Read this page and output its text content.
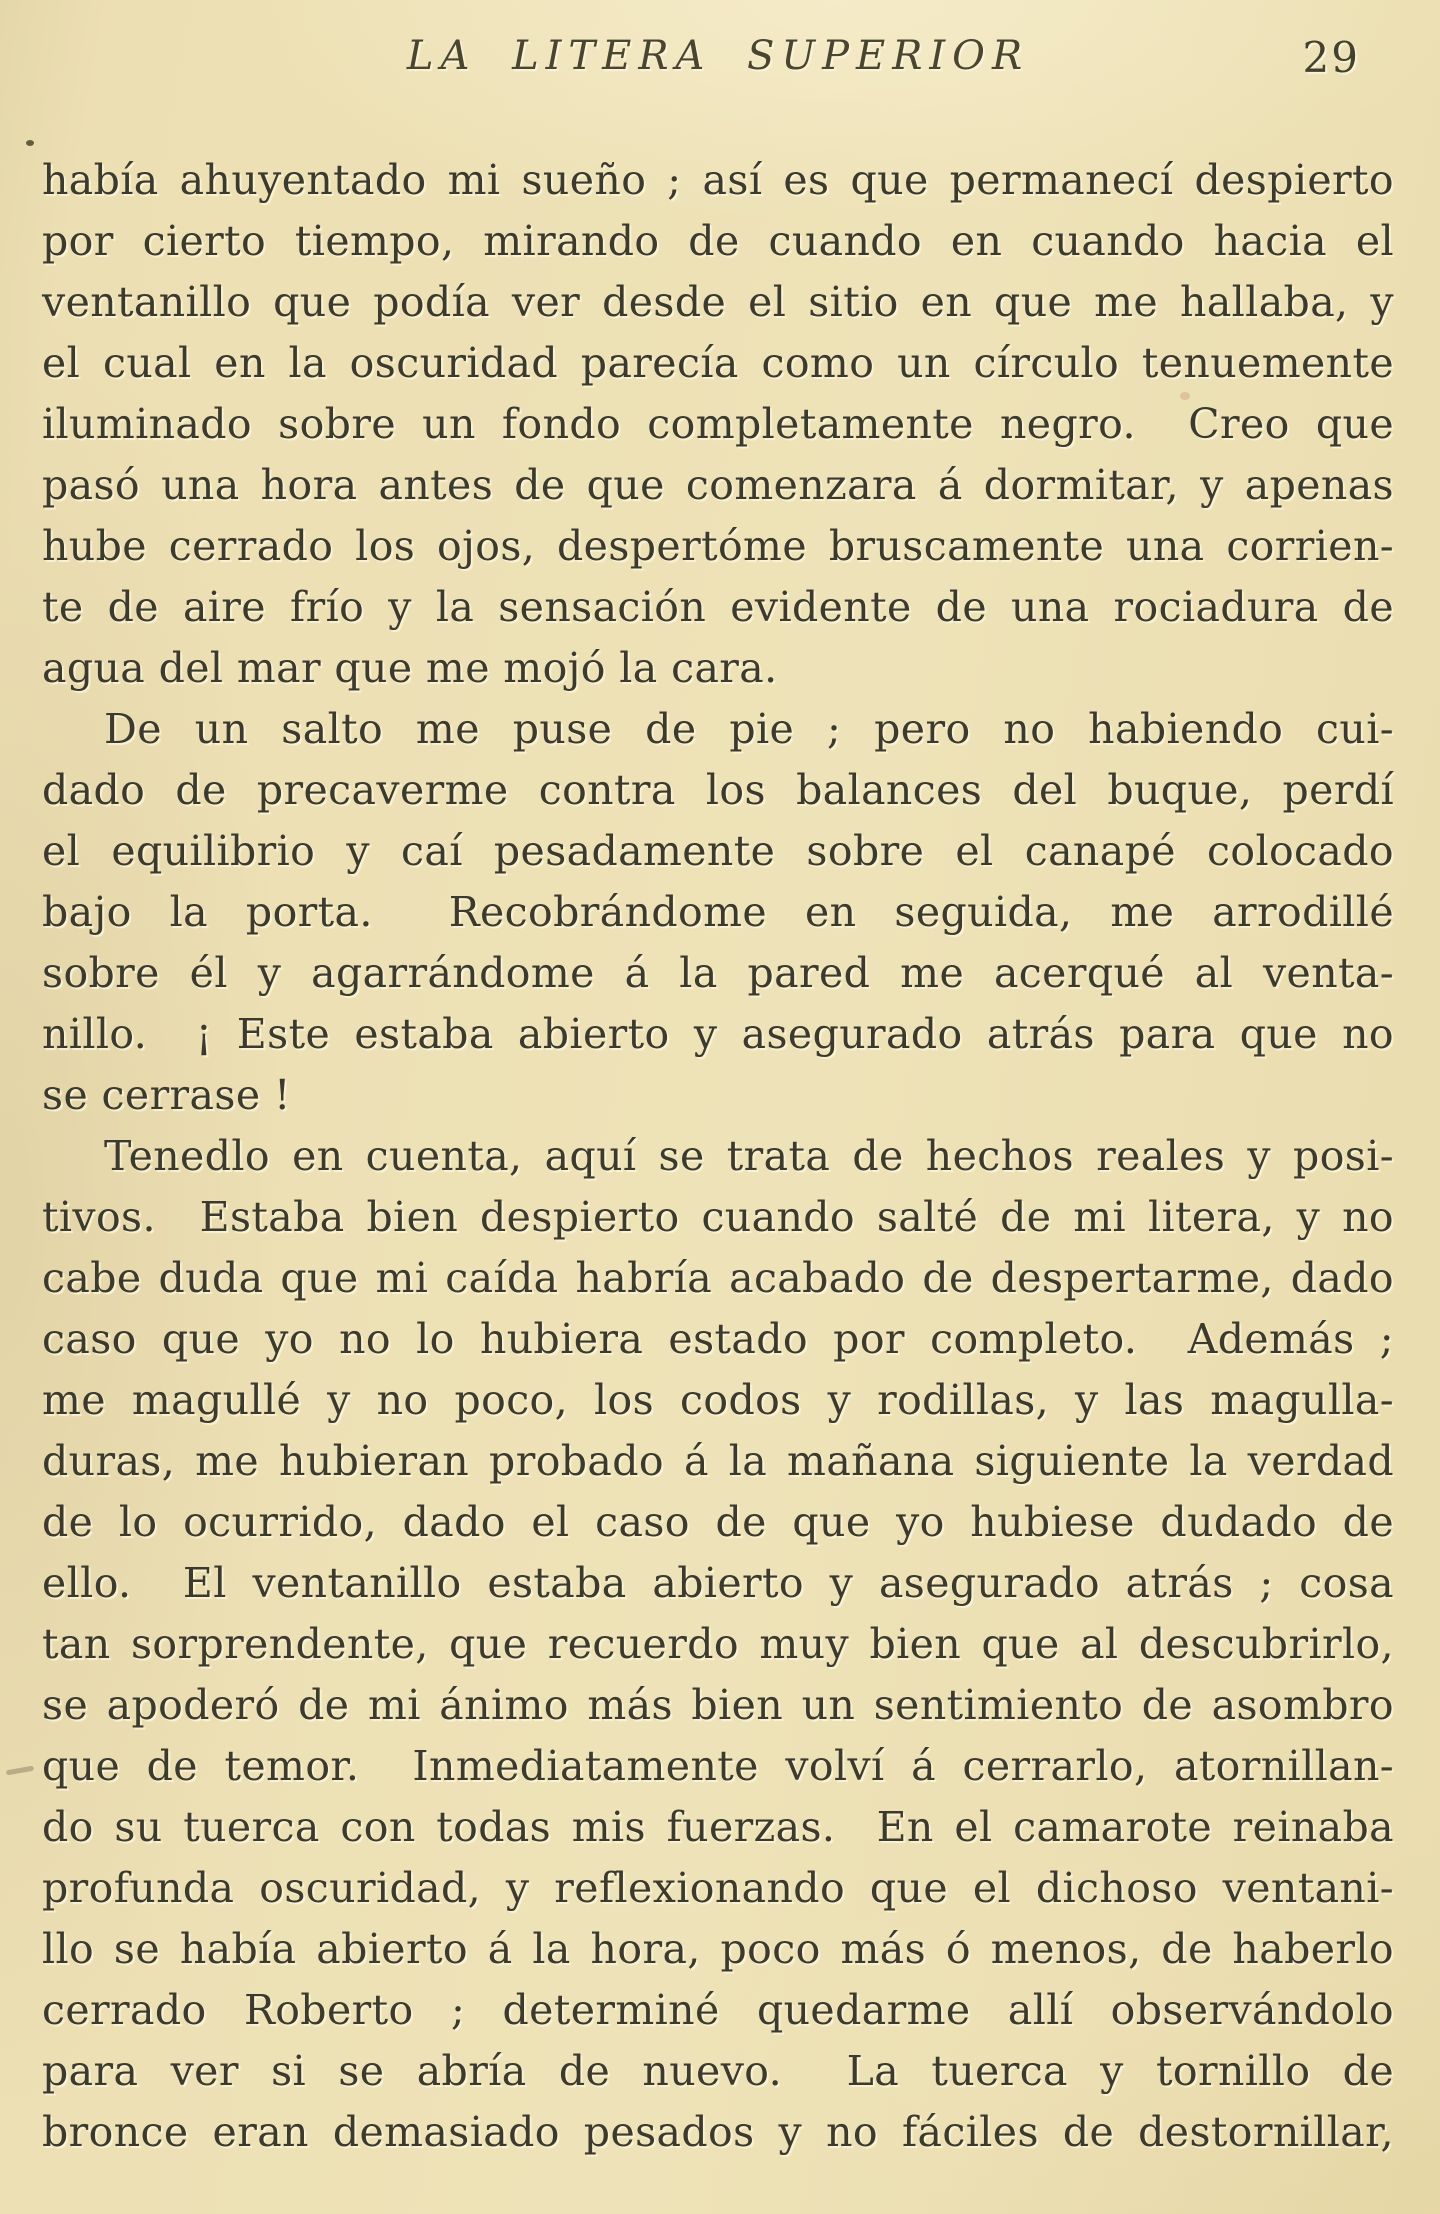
LA LITERA SUPERIOR	29
había ahuyentado mi sueño ; así es que permanecí despierto
por cierto tiempo, mirando de cuando en cuando hacia el
ventanillo que podía ver desde el sitio en que me hallaba, y
el cual en la oscuridad parecía como un círculo tenuemente
iluminado sobre un fondo completamente negro.  Creo que
pasó una hora antes de que comenzara á dormitar, y apenas
hube cerrado los ojos, despertóme bruscamente una corrien-
te de aire frío y la sensación evidente de una rociadura de
agua del mar que me mojó la cara.
De un salto me puse de pie ; pero no habiendo cui-
dado de precaverme contra los balances del buque, perdí
el equilibrio y caí pesadamente sobre el canapé colocado
bajo la porta.  Recobrándome en seguida, me arrodillé
sobre él y agarrándome á la pared me acerqué al venta-
nillo.  ¡ Este estaba abierto y asegurado atrás para que no
se cerrase !
Tenedlo en cuenta, aquí se trata de hechos reales y posi-
tivos.  Estaba bien despierto cuando salté de mi litera, y no
cabe duda que mi caída habría acabado de despertarme, dado
caso que yo no lo hubiera estado por completo.  Además ;
me magullé y no poco, los codos y rodillas, y las magulla-
duras, me hubieran probado á la mañana siguiente la verdad
de lo ocurrido, dado el caso de que yo hubiese dudado de
ello.  El ventanillo estaba abierto y asegurado atrás ; cosa
tan sorprendente, que recuerdo muy bien que al descubrirlo,
se apoderó de mi ánimo más bien un sentimiento de asombro
que de temor.  Inmediatamente volví á cerrarlo, atornillan-
do su tuerca con todas mis fuerzas.  En el camarote reinaba
profunda oscuridad, y reflexionando que el dichoso ventani-
llo se había abierto á la hora, poco más ó menos, de haberlo
cerrado Roberto ; determiné quedarme allí observándolo
para ver si se abría de nuevo.  La tuerca y tornillo de
bronce eran demasiado pesados y no fáciles de destornillar,
